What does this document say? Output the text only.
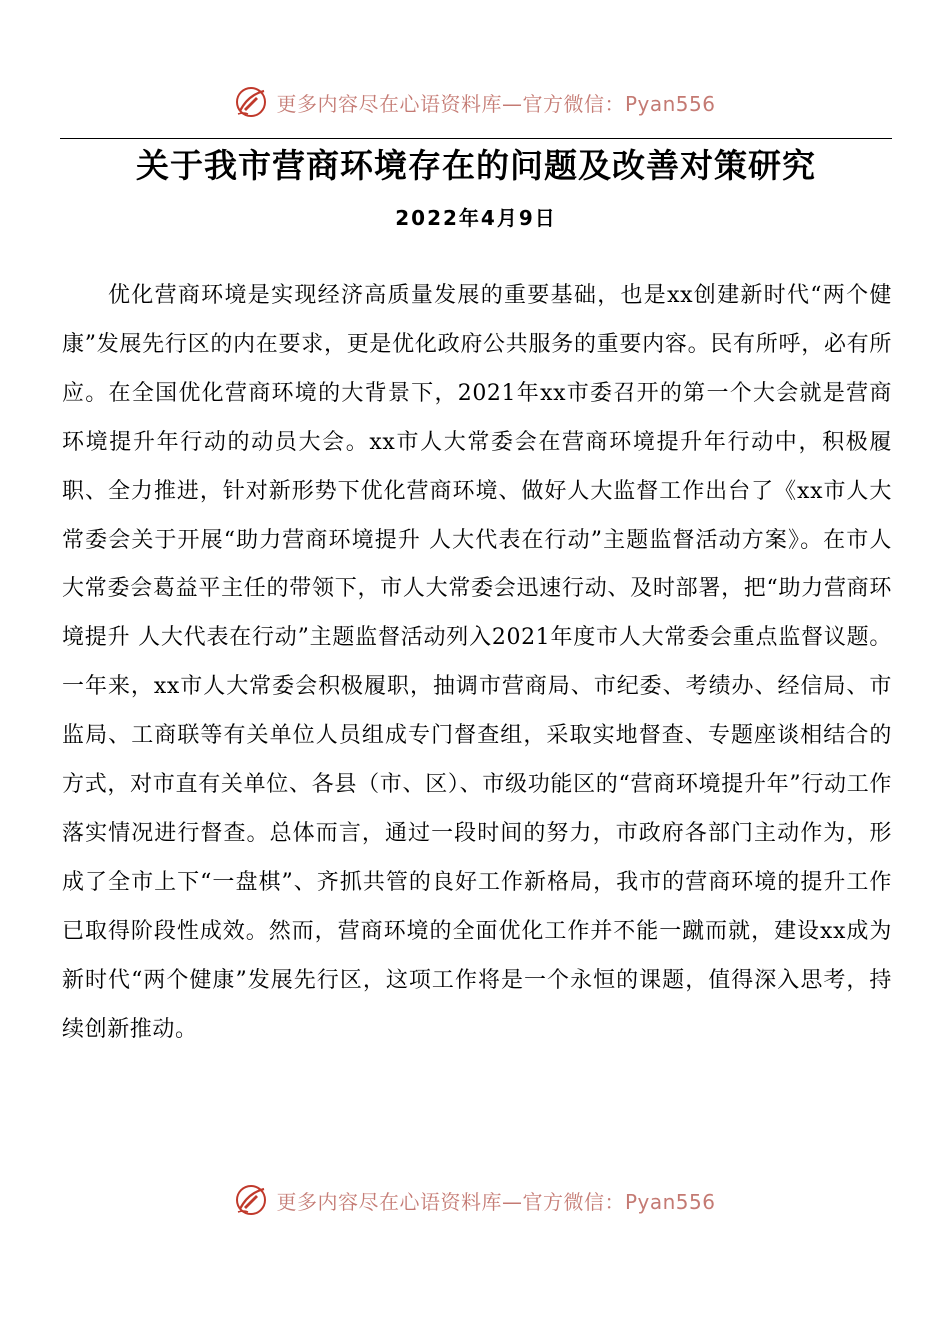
更多内容尽在心语资料库—官方微信：Pyan556
关于我市营商环境存在的问题及改善对策研究
2022年4月9日

优化营商环境是实现经济高质量发展的重要基础，也是xx创建新时代“两个健康”发展先行区的内在要求，更是优化政府公共服务的重要内容。民有所呼，必有所应。在全国优化营商环境的大背景下，2021年xx市委召开的第一个大会就是营商环境提升年行动的动员大会。xx市人大常委会在营商环境提升年行动中，积极履职、全力推进，针对新形势下优化营商环境、做好人大监督工作出台了《xx市人大常委会关于开展“助力营商环境提升 人大代表在行动”主题监督活动方案》。在市人大常委会葛益平主任的带领下，市人大常委会迅速行动、及时部署，把“助力营商环境提升 人大代表在行动”主题监督活动列入2021年度市人大常委会重点监督议题。一年来，xx市人大常委会积极履职，抽调市营商局、市纪委、考绩办、经信局、市监局、工商联等有关单位人员组成专门督查组，采取实地督查、专题座谈相结合的方式，对市直有关单位、各县（市、区）、市级功能区的“营商环境提升年”行动工作落实情况进行督查。总体而言，通过一段时间的努力，市政府各部门主动作为，形成了全市上下“一盘棋”、齐抓共管的良好工作新格局，我市的营商环境的提升工作已取得阶段性成效。然而，营商环境的全面优化工作并不能一蹴而就，建设xx成为新时代“两个健康”发展先行区，这项工作将是一个永恒的课题，值得深入思考，持续创新推动。

更多内容尽在心语资料库—官方微信：Pyan556
